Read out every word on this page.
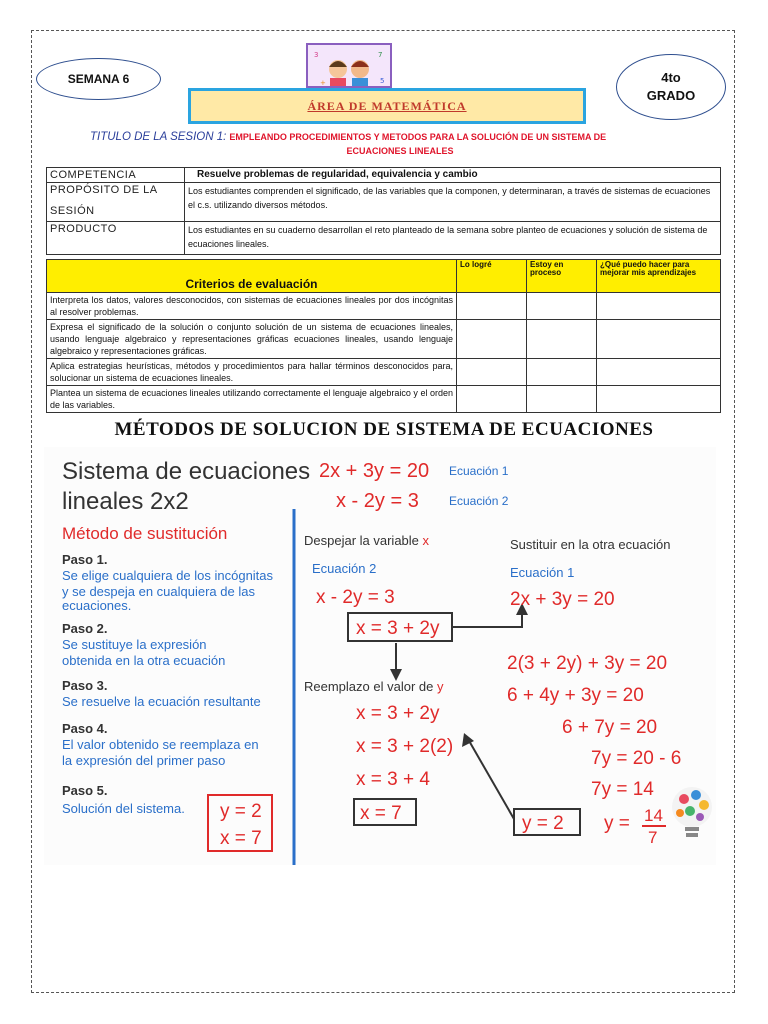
SEMANA 6
3	7
+	5	4to
GRADO
ÁREA DE MATEMÁTICA
TITULO DE LA SESION 1: EMPLEANDO PROCEDIMIENTOS Y METODOS PARA LA SOLUCIÓN DE UN SISTEMA DE
ECUACIONES LINEALES
COMPETENCIA	Resuelve problemas de regularidad, equivalencia y cambio

PROPÓSITO DE LA
SESIÓN	Los estudiantes comprenden el significado, de las variables que la componen, y determinaran, a través de sistemas de ecuaciones el c.s. utilizando diversos métodos.
PRODUCTO	Los estudiantes en su cuaderno desarrollan el reto planteado de la semana sobre planteo de ecuaciones y solución de sistema de ecuaciones lineales.
Criterios de evaluación	Lo logré	Estoy en proceso	¿Qué puedo hacer para mejorar mis aprendizajes
Interpreta los datos, valores desconocidos, con sistemas de ecuaciones lineales por dos incógnitas al resolver problemas.			
Expresa el significado de la solución o conjunto solución de un sistema de ecuaciones lineales, usando lenguaje algebraico y representaciones gráficas ecuaciones lineales, usando lenguaje algebraico y representaciones gráficas.			
Aplica estrategias heurísticas, métodos y procedimientos para hallar términos desconocidos para, solucionar un sistema de ecuaciones lineales.			
Plantea un sistema de ecuaciones lineales utilizando correctamente el lenguaje algebraico y el orden de las variables.			
MÉTODOS DE SOLUCION DE SISTEMA DE ECUACIONES
Sistema de ecuaciones
lineales 2x2
2x + 3y = 20 Ecuación 1
x - 2y = 3	Ecuación 2
Método de sustitución
Paso 1.
Se elige cualquiera de los incógnitas
y se despeja en cualquiera de las
ecuaciones.
Paso 2.
Se sustituye la expresión
obtenida en la otra ecuación
Paso 3.
Se resuelve la ecuación resultante
Paso 4.
El valor obtenido se reemplaza en
la expresión del primer paso
Paso 5.
Solución del sistema. y = 2
x = 7
Despejar la variable x
Ecuación 2
x - 2y = 3
x = 3 + 2y
Reemplazo el valor de y
x = 3 + 2y
x = 3 + 2(2)
x = 3 + 4
x = 7	y = 2
Sustituir en la otra ecuación
Ecuación 1
2x + 3y = 20
2(3 + 2y) + 3y = 20
6 + 4y + 3y = 20
6 + 7y = 20
7y = 20 - 6
7y = 14
y = 14
7
